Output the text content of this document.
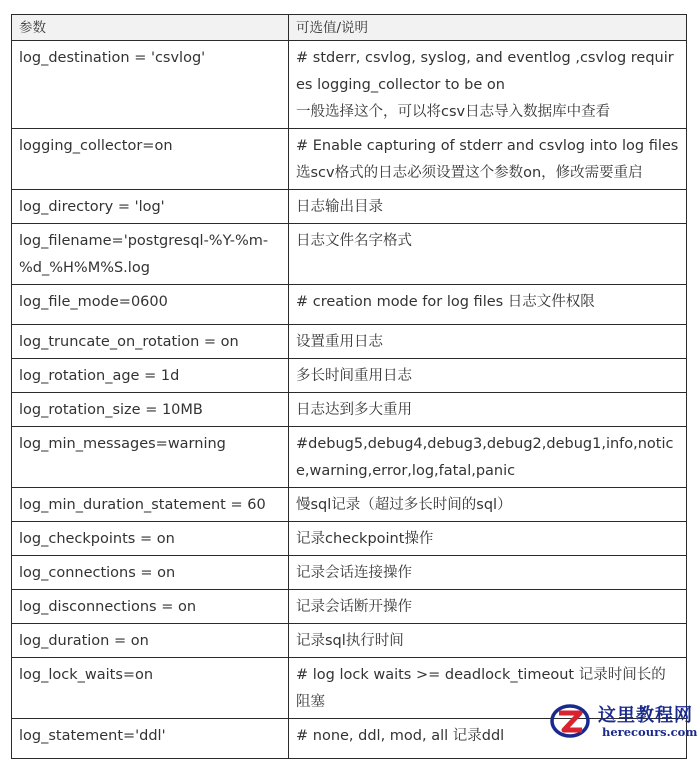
参数	可选值/说明
log_destination = 'csvlog'	# stderr, csvlog, syslog, and eventlog ,csvlog requires logging_collector to be on
一般选择这个，可以将csv日志导入数据库中查看

logging_collector=on	# Enable capturing of stderr and csvlog into log files
选scv格式的日志必须设置这个参数on，修改需要重启

log_directory = 'log'	日志输出目录

log_filename='postgresql-%Y-%m-%d_%H%M%S.log	日志文件名字格式

log_file_mode=0600	# creation mode for log files 日志文件权限

log_truncate_on_rotation = on	设置重用日志

log_rotation_age = 1d	多长时间重用日志

log_rotation_size = 10MB	日志达到多大重用

log_min_messages=warning	#debug5,debug4,debug3,debug2,debug1,info,notice,warning,error,log,fatal,panic

log_min_duration_statement = 60	慢sql记录（超过多长时间的sql）

log_checkpoints = on	记录checkpoint操作

log_connections = on	记录会话连接操作

log_disconnections = on	记录会话断开操作

log_duration = on	记录sql执行时间

log_lock_waits=on	# log lock waits >= deadlock_timeout 记录时间长的阻塞

log_statement='ddl'	# none, ddl, mod, all 记录ddl
这里教程网
herecours.com
